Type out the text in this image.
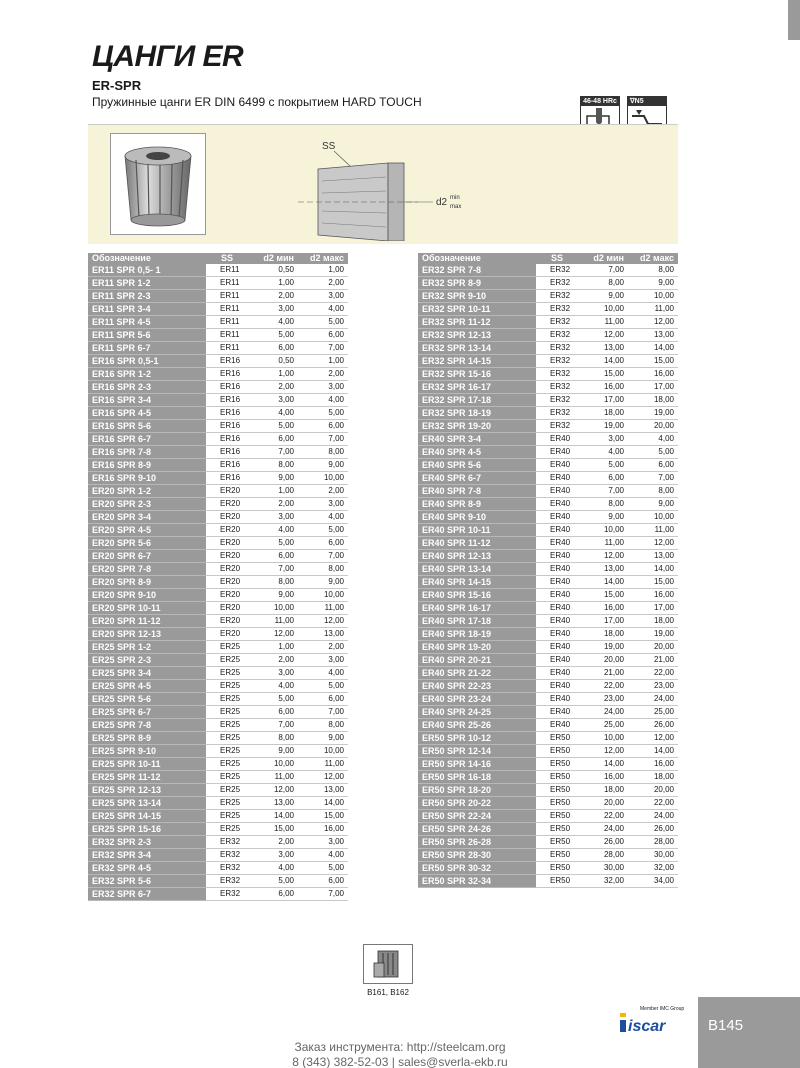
ЦАНГИ ER
ER-SPR
Пружинные цанги ER DIN 6499 с покрытием HARD TOUCH	46-48 HRc ∇N5
SS
d2 min
max
Обозначение	SS	d2 мин	d2 макс
ER11 SPR 0,5- 1	ER11	0,50	1,00
ER11 SPR 1-2	ER11	1,00	2,00
ER11 SPR 2-3	ER11	2,00	3,00
ER11 SPR 3-4	ER11	3,00	4,00
ER11 SPR 4-5	ER11	4,00	5,00
ER11 SPR 5-6	ER11	5,00	6,00
ER11 SPR 6-7	ER11	6,00	7,00
ER16 SPR 0,5-1	ER16	0,50	1,00
ER16 SPR 1-2	ER16	1,00	2,00
ER16 SPR 2-3	ER16	2,00	3,00
ER16 SPR 3-4	ER16	3,00	4,00
ER16 SPR 4-5	ER16	4,00	5,00
ER16 SPR 5-6	ER16	5,00	6,00
ER16 SPR 6-7	ER16	6,00	7,00
ER16 SPR 7-8	ER16	7,00	8,00
ER16 SPR 8-9	ER16	8,00	9,00
ER16 SPR 9-10	ER16	9,00	10,00
ER20 SPR 1-2	ER20	1,00	2,00
ER20 SPR 2-3	ER20	2,00	3,00
ER20 SPR 3-4	ER20	3,00	4,00
ER20 SPR 4-5	ER20	4,00	5,00
ER20 SPR 5-6	ER20	5,00	6,00
ER20 SPR 6-7	ER20	6,00	7,00
ER20 SPR 7-8	ER20	7,00	8,00
ER20 SPR 8-9	ER20	8,00	9,00
ER20 SPR 9-10	ER20	9,00	10,00
ER20 SPR 10-11	ER20	10,00	11,00
ER20 SPR 11-12	ER20	11,00	12,00
ER20 SPR 12-13	ER20	12,00	13,00
ER25 SPR 1-2	ER25	1,00	2,00
ER25 SPR 2-3	ER25	2,00	3,00
ER25 SPR 3-4	ER25	3,00	4,00
ER25 SPR 4-5	ER25	4,00	5,00
ER25 SPR 5-6	ER25	5,00	6,00
ER25 SPR 6-7	ER25	6,00	7,00
ER25 SPR 7-8	ER25	7,00	8,00
ER25 SPR 8-9	ER25	8,00	9,00
ER25 SPR 9-10	ER25	9,00	10,00
ER25 SPR 10-11	ER25	10,00	11,00
ER25 SPR 11-12	ER25	11,00	12,00
ER25 SPR 12-13	ER25	12,00	13,00
ER25 SPR 13-14	ER25	13,00	14,00
ER25 SPR 14-15	ER25	14,00	15,00
ER25 SPR 15-16	ER25	15,00	16,00
ER32 SPR 2-3	ER32	2,00	3,00
ER32 SPR 3-4	ER32	3,00	4,00
ER32 SPR 4-5	ER32	4,00	5,00
ER32 SPR 5-6	ER32	5,00	6,00
ER32 SPR 6-7	ER32	6,00	7,00
Обозначение	SS	d2 мин	d2 макс
ER32 SPR 7-8	ER32	7,00	8,00
ER32 SPR 8-9	ER32	8,00	9,00
ER32 SPR 9-10	ER32	9,00	10,00
ER32 SPR 10-11	ER32	10,00	11,00
ER32 SPR 11-12	ER32	11,00	12,00
ER32 SPR 12-13	ER32	12,00	13,00
ER32 SPR 13-14	ER32	13,00	14,00
ER32 SPR 14-15	ER32	14,00	15,00
ER32 SPR 15-16	ER32	15,00	16,00
ER32 SPR 16-17	ER32	16,00	17,00
ER32 SPR 17-18	ER32	17,00	18,00
ER32 SPR 18-19	ER32	18,00	19,00
ER32 SPR 19-20	ER32	19,00	20,00
ER40 SPR 3-4	ER40	3,00	4,00
ER40 SPR 4-5	ER40	4,00	5,00
ER40 SPR 5-6	ER40	5,00	6,00
ER40 SPR 6-7	ER40	6,00	7,00
ER40 SPR 7-8	ER40	7,00	8,00
ER40 SPR 8-9	ER40	8,00	9,00
ER40 SPR 9-10	ER40	9,00	10,00
ER40 SPR 10-11	ER40	10,00	11,00
ER40 SPR 11-12	ER40	11,00	12,00
ER40 SPR 12-13	ER40	12,00	13,00
ER40 SPR 13-14	ER40	13,00	14,00
ER40 SPR 14-15	ER40	14,00	15,00
ER40 SPR 15-16	ER40	15,00	16,00
ER40 SPR 16-17	ER40	16,00	17,00
ER40 SPR 17-18	ER40	17,00	18,00
ER40 SPR 18-19	ER40	18,00	19,00
ER40 SPR 19-20	ER40	19,00	20,00
ER40 SPR 20-21	ER40	20,00	21,00
ER40 SPR 21-22	ER40	21,00	22,00
ER40 SPR 22-23	ER40	22,00	23,00
ER40 SPR 23-24	ER40	23,00	24,00
ER40 SPR 24-25	ER40	24,00	25,00
ER40 SPR 25-26	ER40	25,00	26,00
ER50 SPR 10-12	ER50	10,00	12,00
ER50 SPR 12-14	ER50	12,00	14,00
ER50 SPR 14-16	ER50	14,00	16,00
ER50 SPR 16-18	ER50	16,00	18,00
ER50 SPR 18-20	ER50	18,00	20,00
ER50 SPR 20-22	ER50	20,00	22,00
ER50 SPR 22-24	ER50	22,00	24,00
ER50 SPR 24-26	ER50	24,00	26,00
ER50 SPR 26-28	ER50	26,00	28,00
ER50 SPR 28-30	ER50	28,00	30,00
ER50 SPR 30-32	ER50	30,00	32,00
ER50 SPR 32-34	ER50	32,00	34,00
B161, B162
Member IMC Group
iscar	B145
Заказ инструмента: http://steelcam.org
8 (343) 382-52-03 | sales@sverla-ekb.ru
